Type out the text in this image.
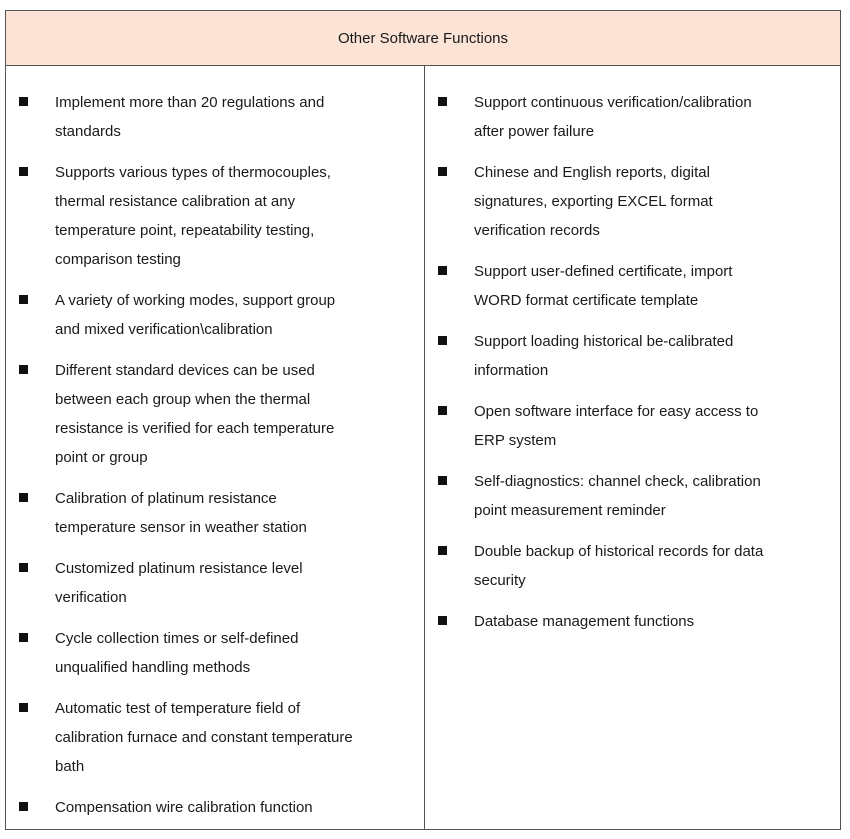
Other Software Functions
Implement more than 20 regulations and
standards
Supports various types of thermocouples,
thermal resistance calibration at any
temperature point, repeatability testing,
comparison testing
A variety of working modes, support group
and mixed verification\calibration
Different standard devices can be used
between each group when the thermal
resistance is verified for each temperature
point or group
Calibration of platinum resistance
temperature sensor in weather station
Customized platinum resistance level
verification
Cycle collection times or self-defined
unqualified handling methods
Automatic test of temperature field of
calibration furnace and constant temperature
bath
Compensation wire calibration function
Support continuous verification/calibration
after power failure
Chinese and English reports, digital
signatures, exporting EXCEL format
verification records
Support user-defined certificate, import
WORD format certificate template
Support loading historical be-calibrated
information
Open software interface for easy access to
ERP system
Self-diagnostics: channel check, calibration
point measurement reminder
Double backup of historical records for data
security
Database management functions
